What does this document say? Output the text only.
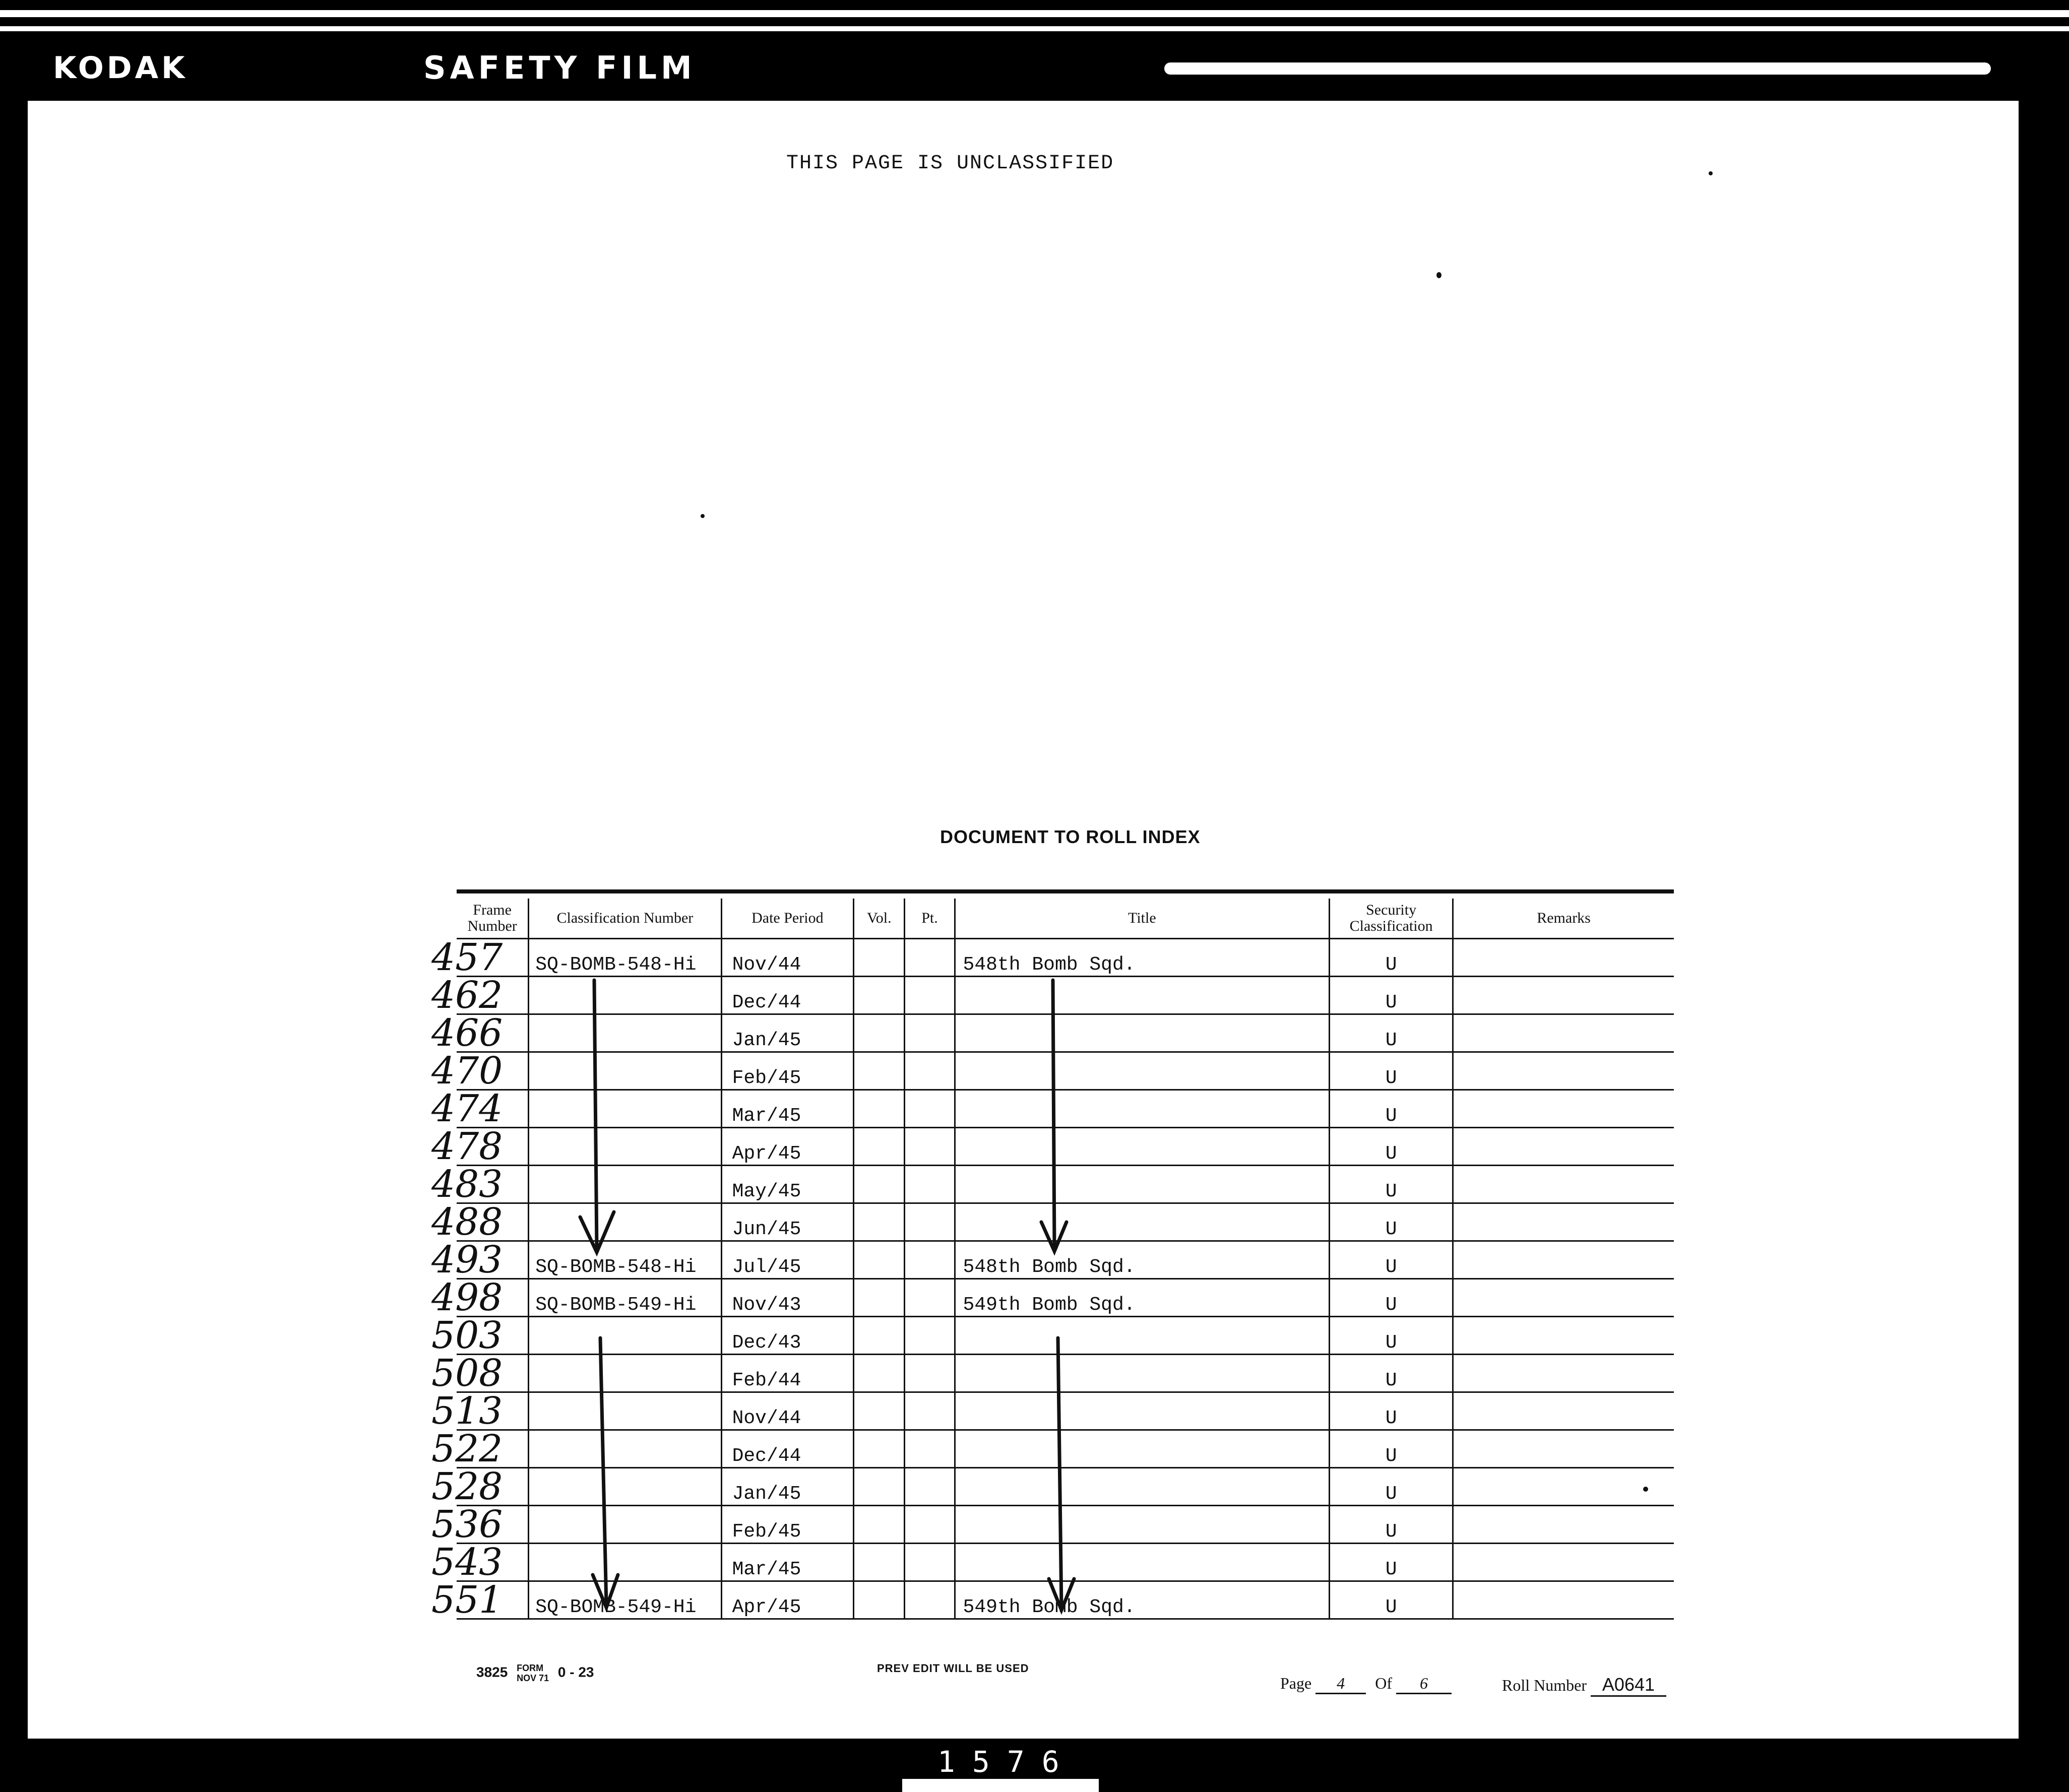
KODAK	SAFETY FILM
THIS PAGE IS UNCLASSIFIED
DOCUMENT TO ROLL INDEX
Frame Number	Classification Number	Date Period	Vol.	Pt.	Title	Security Classification	Remarks
457	SQ-BOMB-548-Hi	Nov/44			548th Bomb Sqd.	U	
462		Dec/44				U	
466		Jan/45				U	
470		Feb/45				U	
474		Mar/45				U	
478		Apr/45				U	
483		May/45				U	
488		Jun/45				U	
493	SQ-BOMB-548-Hi	Jul/45			548th Bomb Sqd.	U	
498	SQ-BOMB-549-Hi	Nov/43			549th Bomb Sqd.	U	
503		Dec/43				U	
508		Feb/44				U	
513		Nov/44				U	
522		Dec/44				U	
528		Jan/45				U	
536		Feb/45				U	
543		Mar/45				U	
551	SQ-BOMB-549-Hi	Apr/45			549th Bomb Sqd.	U	
3825 FORM
NOV 71 0 - 23	PREV EDIT WILL BE USED
Page 4 Of 6	Roll Number A0641
1576
